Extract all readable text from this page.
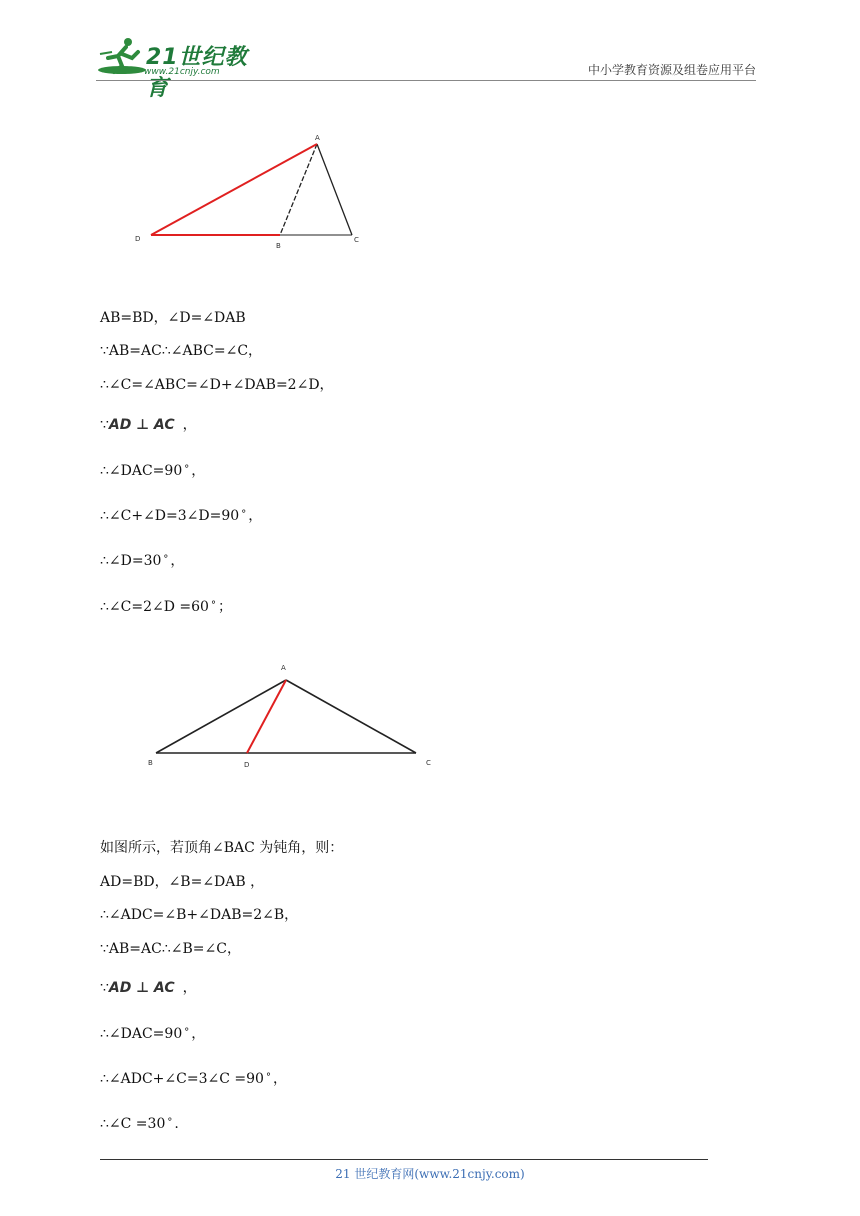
21世纪教育
www.21cnjy.com	中小学教育资源及组卷应用平台
A
B
C
D
AB=BD，∠D=∠DAB
∵AB=AC∴∠ABC=∠C，
∴∠C=∠ABC=∠D+∠DAB=2∠D，
∵AD ⊥ AC ，
∴∠DAC=90 ° ，
∴∠C+∠D=3∠D=90 ° ，
∴∠D=30 ° ，
∴∠C=2∠D =60 ° ；
A
B	C
D
如图所示，若顶角∠BAC 为钝角，则：
AD=BD，∠B=∠DAB ，
∴∠ADC=∠B+∠DAB=2∠B，
∵AB=AC∴∠B=∠C，
∵AD ⊥ AC ，
∴∠DAC=90 ° ，
∴∠ADC+∠C=3∠C =90 ° ，
∴∠C =30 ° .
21 世纪教育网(www.21cnjy.com)
